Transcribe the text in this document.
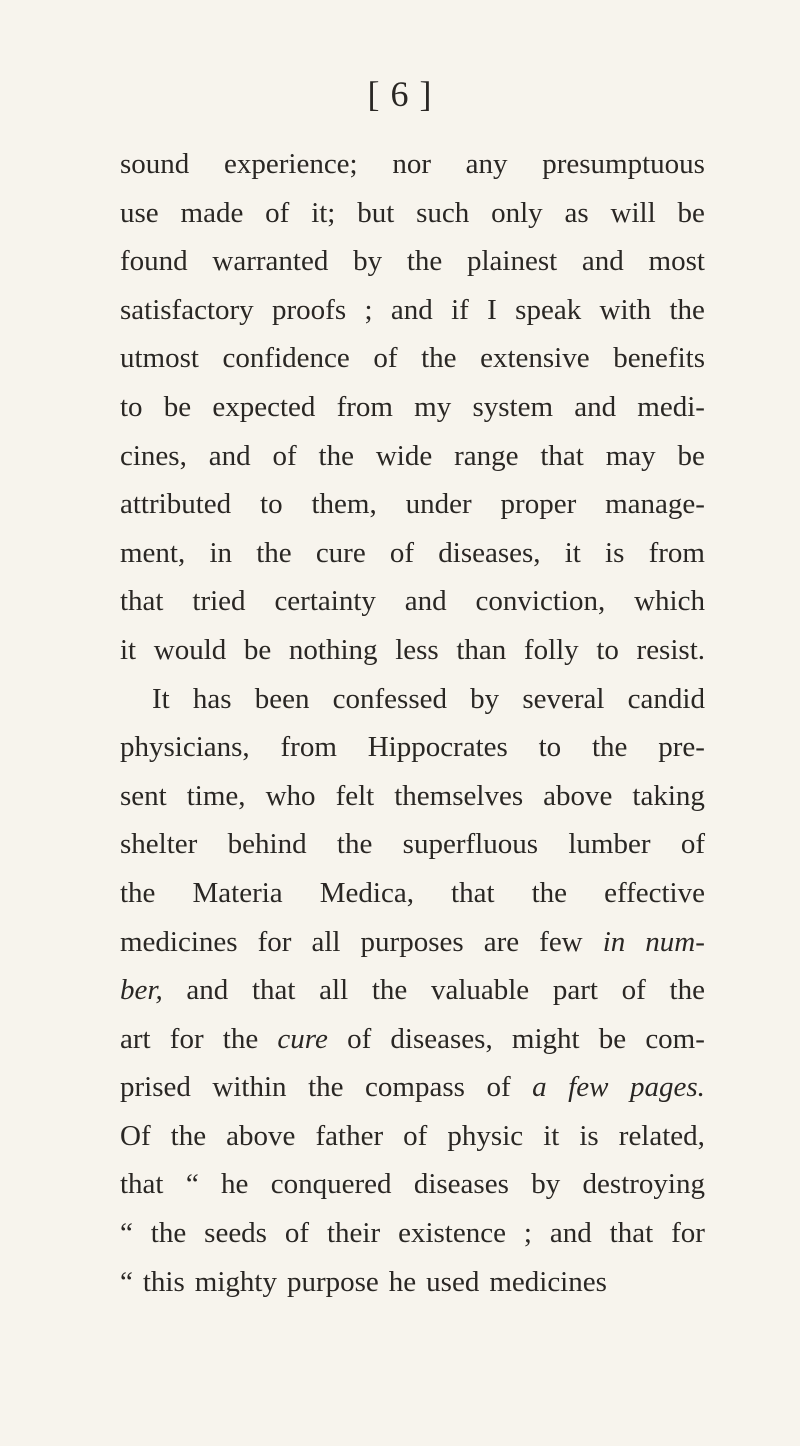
[ 6 ]
sound experience; nor any presumptuous
use made of it; but such only as will be
found warranted by the plainest and most
satisfactory proofs ; and if I speak with the
utmost confidence of the extensive benefits
to be expected from my system and medi-
cines, and of the wide range that may be
attributed to them, under proper manage-
ment, in the cure of diseases, it is from
that tried certainty and conviction, which
it would be nothing less than folly to resist.
It has been confessed by several candid
physicians, from Hippocrates to the pre-
sent time, who felt themselves above taking
shelter behind the superfluous lumber of
the Materia Medica, that the effective
medicines for all purposes are few in num-
ber, and that all the valuable part of the
art for the cure of diseases, might be com-
prised within the compass of a few pages.
Of the above father of physic it is related,
that “ he conquered diseases by destroying
“ the seeds of their existence ; and that for
“ this mighty purpose he used medicines
